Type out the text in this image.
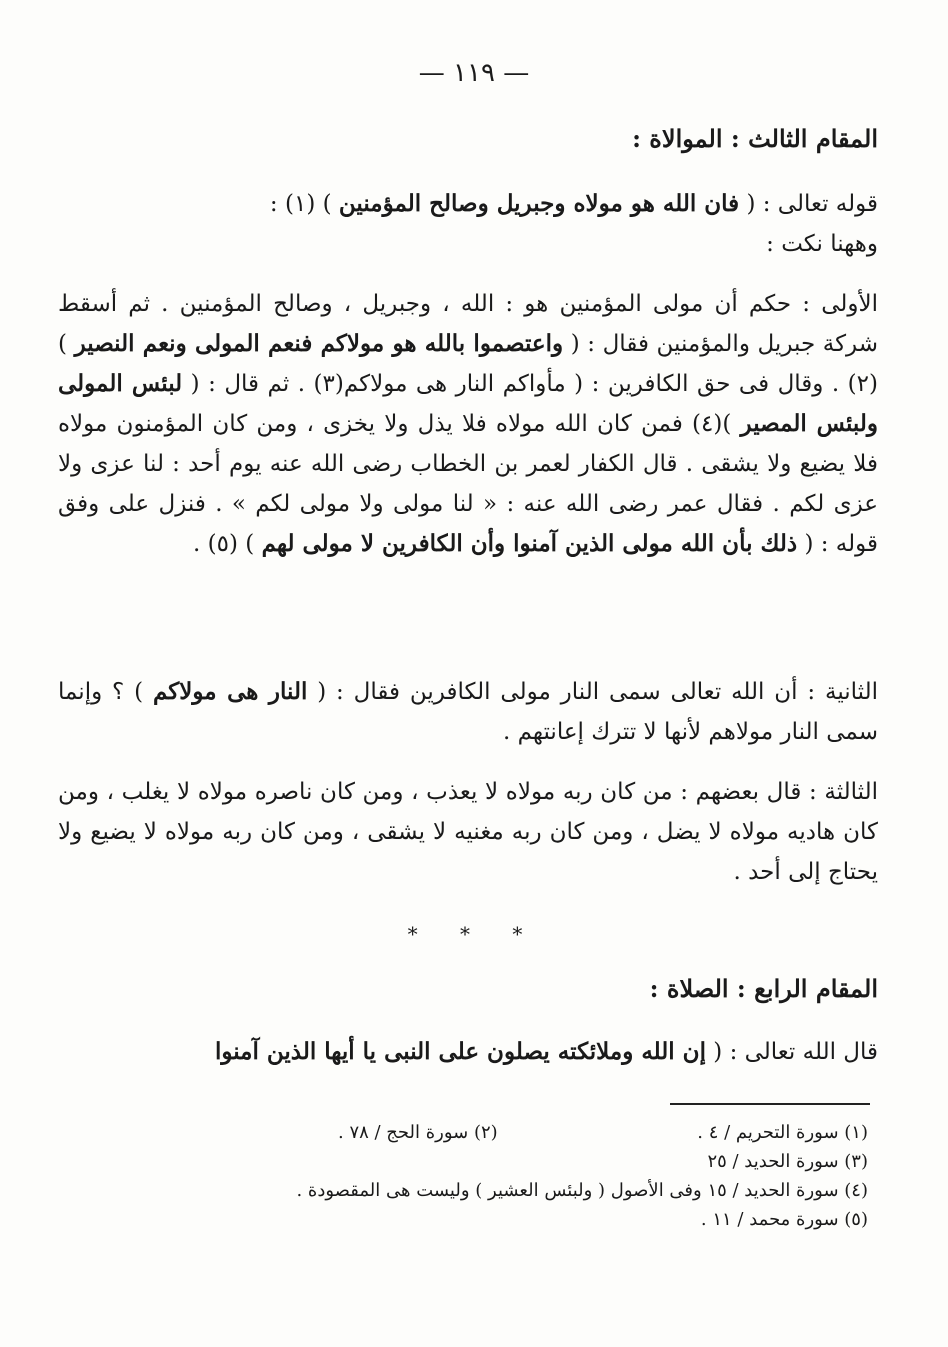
— ١١٩ —
المقام الثالث : الموالاة :
قوله تعالى : ( فان الله هو مولاه وجبريل وصالح المؤمنين ) (١) :
وههنا نكت :
الأولى : حكم أن مولى المؤمنين هو : الله ، وجبريل ، وصالح المؤمنين . ثم أسقط شركة جبريل والمؤمنين فقال : ( واعتصموا بالله هو مولاكم فنعم المولى ونعم النصير ) (٢) . وقال فى حق الكافرين : ( مأواكم النار هى مولاكم(٣) . ثم قال : ( لبئس المولى ولبئس المصير )(٤) فمن كان الله مولاه فلا يذل ولا يخزى ، ومن كان المؤمنون مولاه فلا يضيع ولا يشقى . قال الكفار لعمر بن الخطاب رضى الله عنه يوم أحد : لنا عزى ولا عزى لكم . فقال عمر رضى الله عنه : « لنا مولى ولا مولى لكم » . فنزل على وفق قوله : ( ذلك بأن الله مولى الذين آمنوا وأن الكافرين لا مولى لهم ) (٥) .
الثانية : أن الله تعالى سمى النار مولى الكافرين فقال : ( النار هى مولاكم ) ؟ وإنما سمى النار مولاهم لأنها لا تترك إعانتهم .
الثالثة : قال بعضهم : من كان ربه مولاه لا يعذب ، ومن كان ناصره مولاه لا يغلب ، ومن كان هاديه مولاه لا يضل ، ومن كان ربه مغنيه لا يشقى ، ومن كان ربه مولاه لا يضيع ولا يحتاج إلى أحد .
* * *
المقام الرابع : الصلاة :
قال الله تعالى : ( إن الله وملائكته يصلون على النبى يا أيها الذين آمنوا
(١) سورة التحريم / ٤ .
(٢) سورة الحج / ٧٨ .
(٣) سورة الحديد / ٢٥
(٤) سورة الحديد / ١٥ وفى الأصول ( ولبئس العشير ) وليست هى المقصودة .
(٥) سورة محمد / ١١ .
